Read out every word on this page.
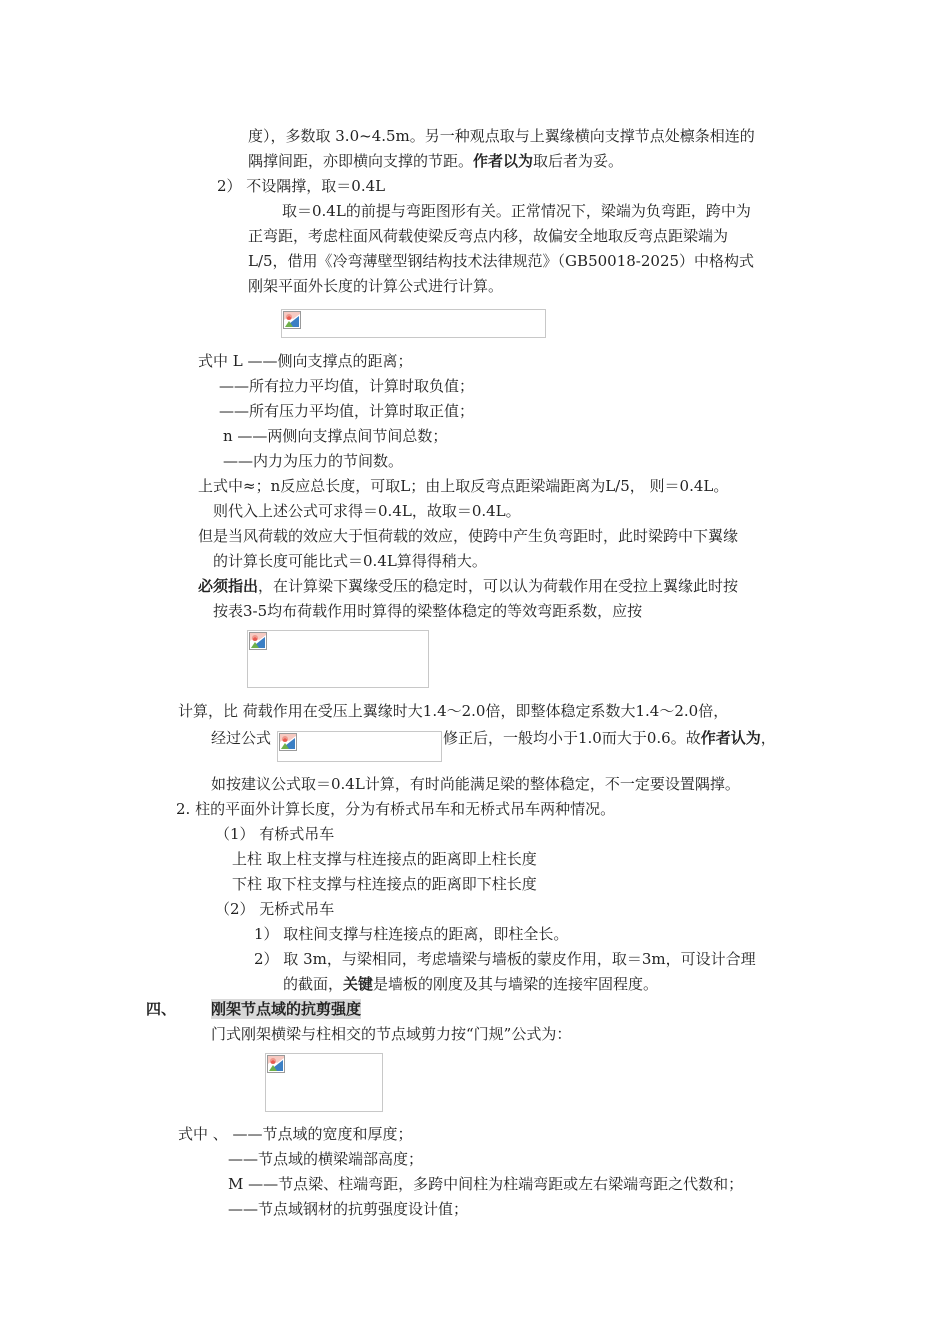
度），多数取 3.0~4.5m。另一种观点取与上翼缘横向支撑节点处檩条相连的
隅撑间距，亦即横向支撑的节距。作者以为取后者为妥。
2） 不设隅撑，取＝0.4L
取＝0.4L的前提与弯距图形有关。正常情况下，梁端为负弯距，跨中为
正弯距，考虑柱面风荷载使梁反弯点内移，故偏安全地取反弯点距梁端为
L/5，借用《冷弯薄壁型钢结构技术法律规范》（GB50018-2025）中格构式
刚架平面外长度的计算公式进行计算。
式中 L ——侧向支撑点的距离；
——所有拉力平均值，计算时取负值；
——所有压力平均值，计算时取正值；
n ——两侧向支撑点间节间总数；
——内力为压力的节间数。
上式中≈；n反应总长度，可取L；由上取反弯点距梁端距离为L/5， 则＝0.4L。
则代入上述公式可求得＝0.4L，故取＝0.4L。
但是当风荷载的效应大于恒荷载的效应，使跨中产生负弯距时，此时梁跨中下翼缘
的计算长度可能比式＝0.4L算得得稍大。
必须指出，在计算梁下翼缘受压的稳定时，可以认为荷载作用在受拉上翼缘此时按
按表3-5均布荷载作用时算得的梁整体稳定的等效弯距系数，应按
计算，比 荷载作用在受压上翼缘时大1.4～2.0倍，即整体稳定系数大1.4～2.0倍，
经过公式	修正后，一般均小于1.0而大于0.6。故作者认为，
如按建议公式取＝0.4L计算，有时尚能满足梁的整体稳定，不一定要设置隅撑。
2. 柱的平面外计算长度，分为有桥式吊车和无桥式吊车两种情况。
（1） 有桥式吊车
上柱 取上柱支撑与柱连接点的距离即上柱长度
下柱 取下柱支撑与柱连接点的距离即下柱长度
（2） 无桥式吊车
1） 取柱间支撑与柱连接点的距离，即柱全长。
2） 取 3m，与梁相同，考虑墙梁与墙板的蒙皮作用，取＝3m，可设计合理
的截面，关键是墙板的刚度及其与墙梁的连接牢固程度。
四、 刚架节点域的抗剪强度
门式刚架横梁与柱相交的节点域剪力按“门规”公式为：
式中 、 ——节点域的宽度和厚度；
——节点域的横梁端部高度；
M ——节点梁、柱端弯距，多跨中间柱为柱端弯距或左右梁端弯距之代数和；
——节点域钢材的抗剪强度设计值；
